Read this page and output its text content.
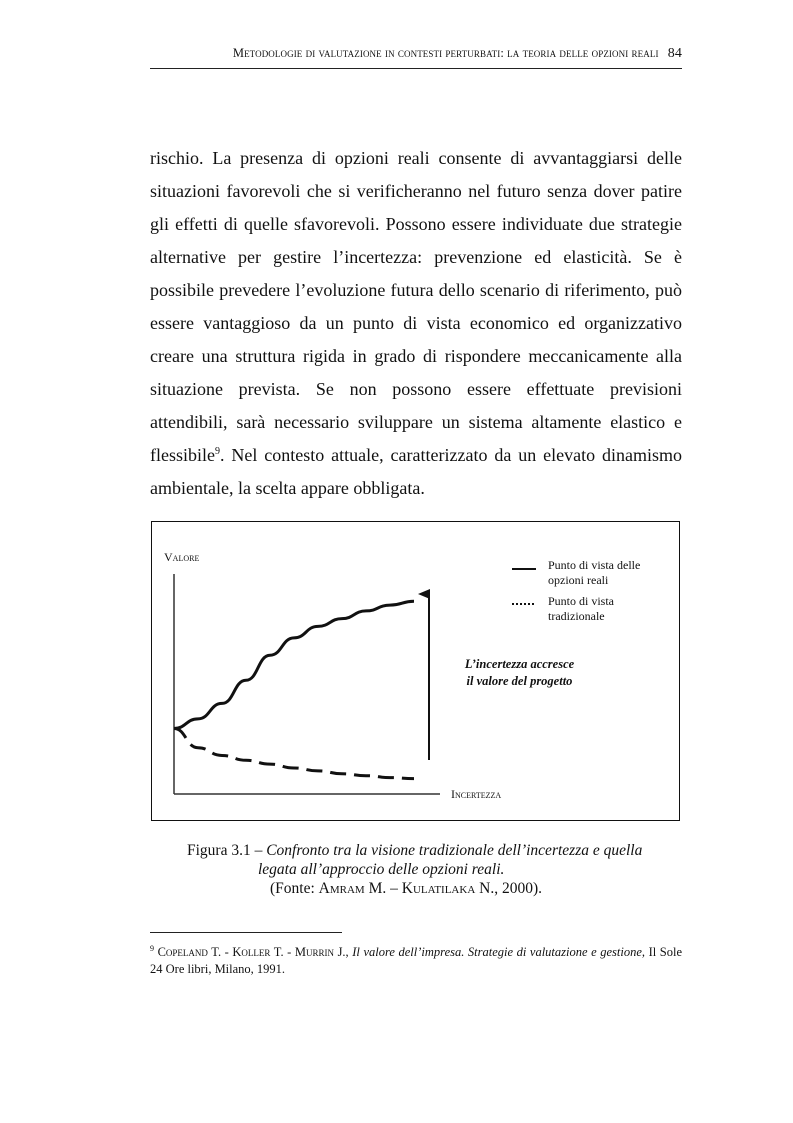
Metodologie di valutazione in contesti perturbati: la teoria delle opzioni reali 84
rischio. La presenza di opzioni reali consente di avvantaggiarsi delle situazioni favorevoli che si verificheranno nel futuro senza dover patire gli effetti di quelle sfavorevoli. Possono essere individuate due strategie alternative per gestire l’incertezza: prevenzione ed elasticità. Se è possibile prevedere l’evoluzione futura dello scenario di riferimento, può essere vantaggioso da un punto di vista economico ed organizzativo creare una struttura rigida in grado di rispondere meccanicamente alla situazione prevista. Se non possono essere effettuate previsioni attendibili, sarà necessario sviluppare un sistema altamente elastico e flessibile$^9$. Nel contesto attuale, caratterizzato da un elevato dinamismo ambientale, la scelta appare obbligata.
Valore
Incertezza
Punto di vista delle
opzioni reali
Punto di vista
tradizionale
L’incertezza accresce
il valore del progetto
Figura 3.1 – Confronto tra la visione tradizionale dell’incertezza e quella
legata all’approccio delle opzioni reali.
(Fonte: Amram M. – Kulatilaka N., 2000).
$^9$ Copeland T. - Koller T. - Murrin J., Il valore dell’impresa. Strategie di valutazione e gestione, Il Sole 24 Ore libri, Milano, 1991.
